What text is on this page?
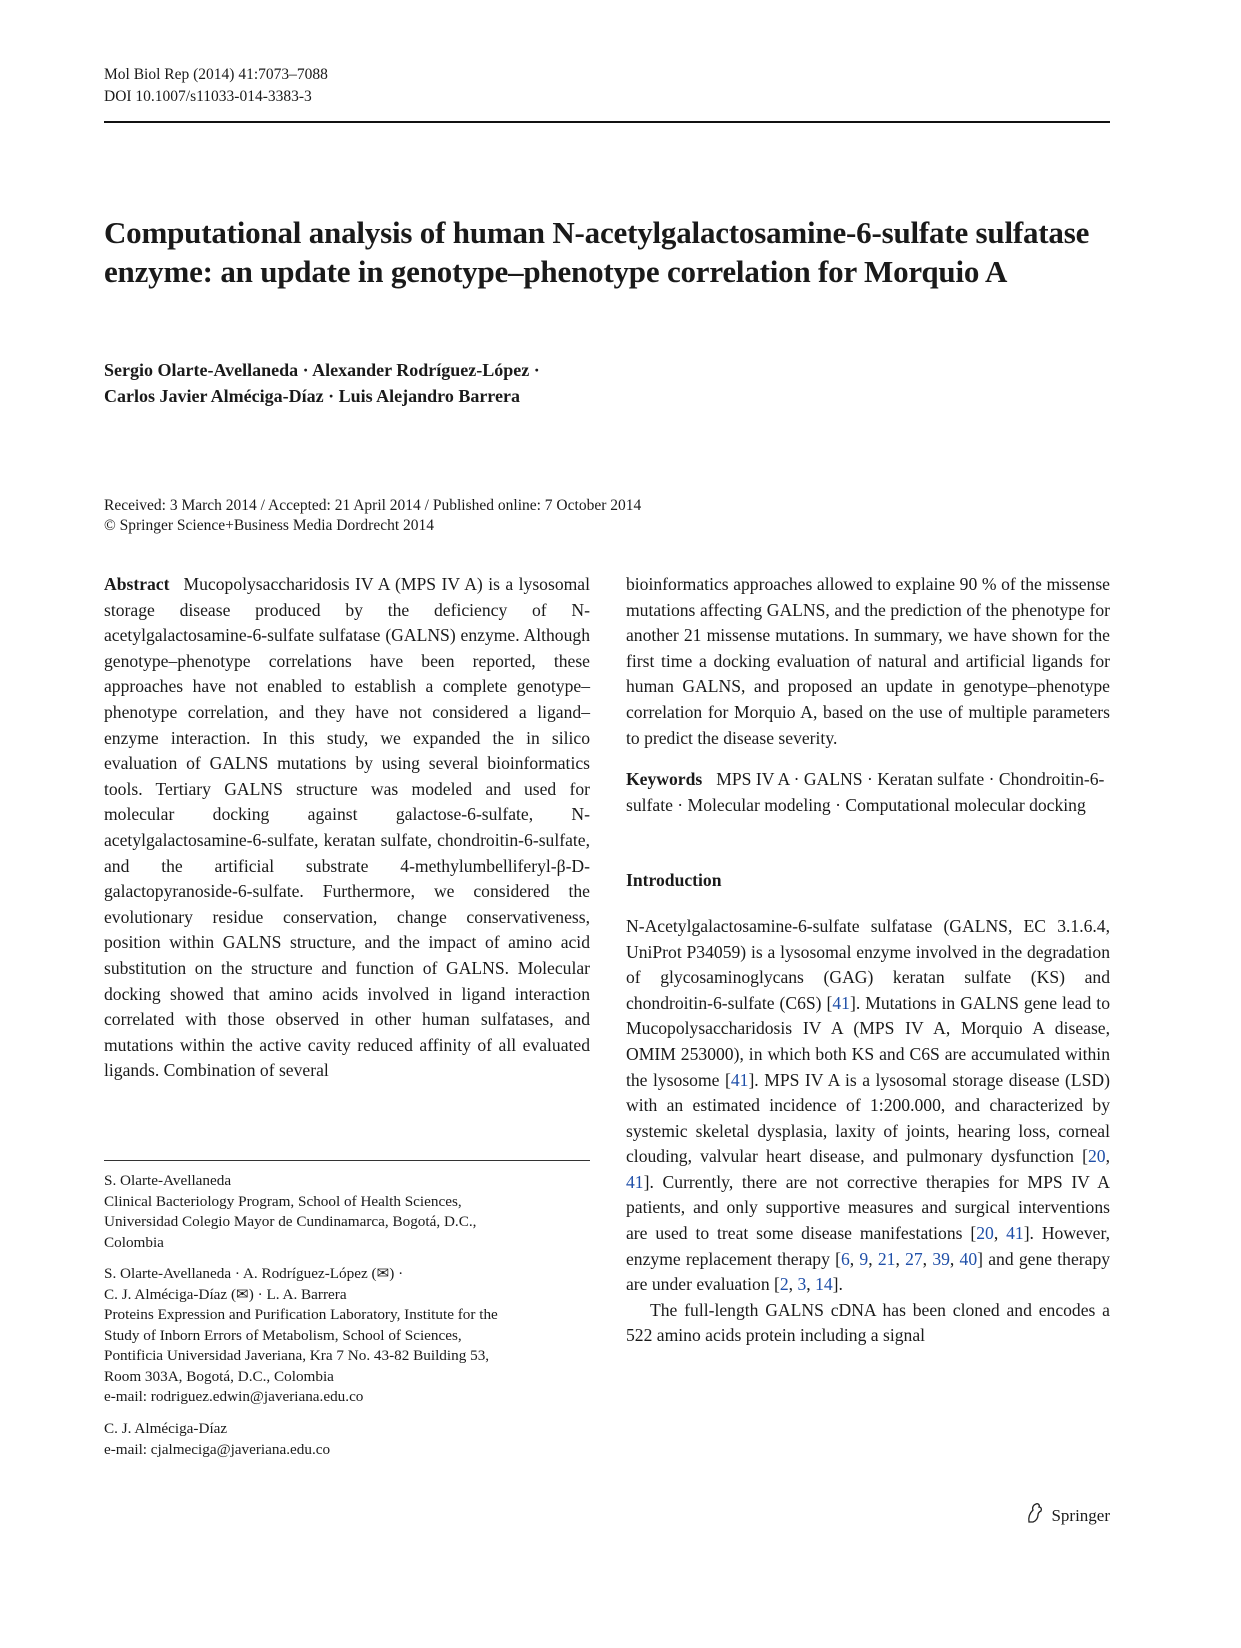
Mol Biol Rep (2014) 41:7073–7088
DOI 10.1007/s11033-014-3383-3
Computational analysis of human N-acetylgalactosamine-6-sulfate sulfatase enzyme: an update in genotype–phenotype correlation for Morquio A
Sergio Olarte-Avellaneda · Alexander Rodríguez-López ·
Carlos Javier Alméciga-Díaz · Luis Alejandro Barrera
Received: 3 March 2014 / Accepted: 21 April 2014 / Published online: 7 October 2014
© Springer Science+Business Media Dordrecht 2014

Abstract Mucopolysaccharidosis IV A (MPS IV A) is a lysosomal storage disease produced by the deficiency of N-acetylgalactosamine-6-sulfate sulfatase (GALNS) enzyme. Although genotype–phenotype correlations have been reported, these approaches have not enabled to establish a complete genotype–phenotype correlation, and they have not considered a ligand–enzyme interaction. In this study, we expanded the in silico evaluation of GALNS mutations by using several bioinformatics tools. Tertiary GALNS structure was modeled and used for molecular docking against galactose-6-sulfate, N-acetylgalactosamine-6-sulfate, keratan sulfate, chondroitin-6-sulfate, and the artificial substrate 4-methylumbelliferyl-β-D-galactopyranoside-6-sulfate. Furthermore, we considered the evolutionary residue conservation, change conservativeness, position within GALNS structure, and the impact of amino acid substitution on the structure and function of GALNS. Molecular docking showed that amino acids involved in ligand interaction correlated with those observed in other human sulfatases, and mutations within the active cavity reduced affinity of all evaluated ligands. Combination of several

bioinformatics approaches allowed to explaine 90 % of the missense mutations affecting GALNS, and the prediction of the phenotype for another 21 missense mutations. In summary, we have shown for the first time a docking evaluation of natural and artificial ligands for human GALNS, and proposed an update in genotype–phenotype correlation for Morquio A, based on the use of multiple parameters to predict the disease severity.

Keywords MPS IV A · GALNS · Keratan sulfate · Chondroitin-6-sulfate · Molecular modeling · Computational molecular docking

Introduction

N-Acetylgalactosamine-6-sulfate sulfatase (GALNS, EC 3.1.6.4, UniProt P34059) is a lysosomal enzyme involved in the degradation of glycosaminoglycans (GAG) keratan sulfate (KS) and chondroitin-6-sulfate (C6S) [41]. Mutations in GALNS gene lead to Mucopolysaccharidosis IV A (MPS IV A, Morquio A disease, OMIM 253000), in which both KS and C6S are accumulated within the lysosome [41]. MPS IV A is a lysosomal storage disease (LSD) with an estimated incidence of 1:200.000, and characterized by systemic skeletal dysplasia, laxity of joints, hearing loss, corneal clouding, valvular heart disease, and pulmonary dysfunction [20, 41]. Currently, there are not corrective therapies for MPS IV A patients, and only supportive measures and surgical interventions are used to treat some disease manifestations [20, 41]. However, enzyme replacement therapy [6, 9, 21, 27, 39, 40] and gene therapy are under evaluation [2, 3, 14].

The full-length GALNS cDNA has been cloned and encodes a 522 amino acids protein including a signal

S. Olarte-Avellaneda

Clinical Bacteriology Program, School of Health Sciences,

Universidad Colegio Mayor de Cundinamarca, Bogotá, D.C.,

Colombia

S. Olarte-Avellaneda · A. Rodríguez-López (✉) ·

C. J. Alméciga-Díaz (✉) · L. A. Barrera

Proteins Expression and Purification Laboratory, Institute for the

Study of Inborn Errors of Metabolism, School of Sciences,

Pontificia Universidad Javeriana, Kra 7 No. 43-82 Building 53,

Room 303A, Bogotá, D.C., Colombia

e-mail: rodriguez.edwin@javeriana.edu.co

C. J. Alméciga-Díaz

e-mail: cjalmeciga@javeriana.edu.co

Springer
